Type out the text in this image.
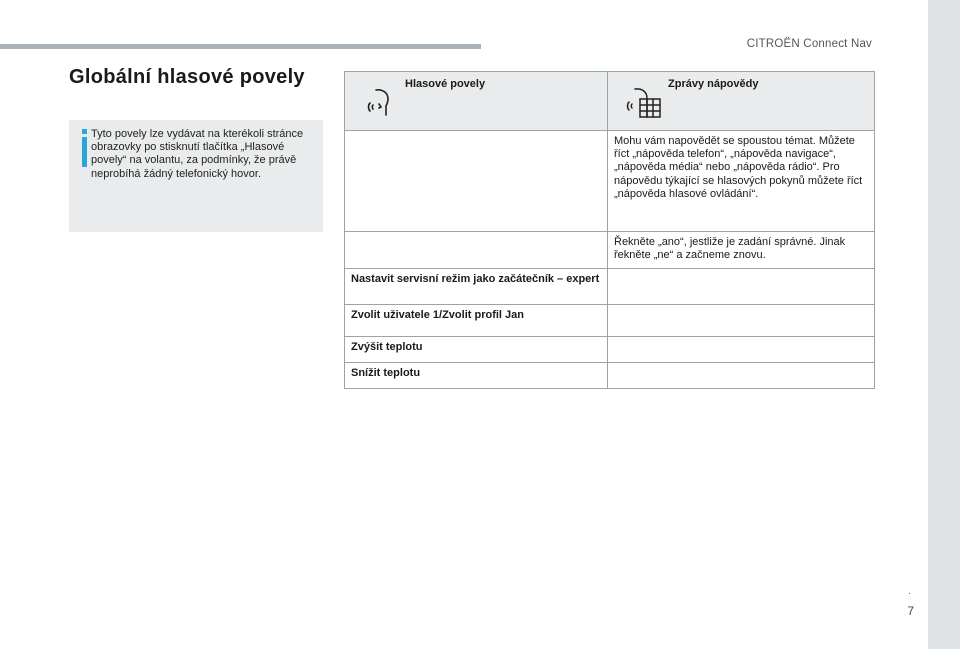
CITROËN Connect Nav
.
7
Globální hlasové povely
Tyto povely lze vydávat na kterékoli stránce obrazovky po stisknutí tlačítka „Hlasové povely“ na volantu, za podmínky, že právě neprobíhá žádný telefonický hovor.
Hlasové povely	Zprávy nápovědy

	Mohu vám napovědět se spoustou témat. Můžete říct „nápověda telefon“, „nápověda navigace“, „nápověda média“ nebo „nápověda rádio“. Pro nápovědu týkající se hlasových pokynů můžete říct „nápověda hlasové ovládání“.
	Řekněte „ano“, jestliže je zadání správné. Jinak řekněte „ne“ a začneme znovu.
Nastavit servisní režim jako začátečník – expert	
Zvolit uživatele 1/Zvolit profil Jan	
Zvýšit teplotu	
Snížit teplotu	
